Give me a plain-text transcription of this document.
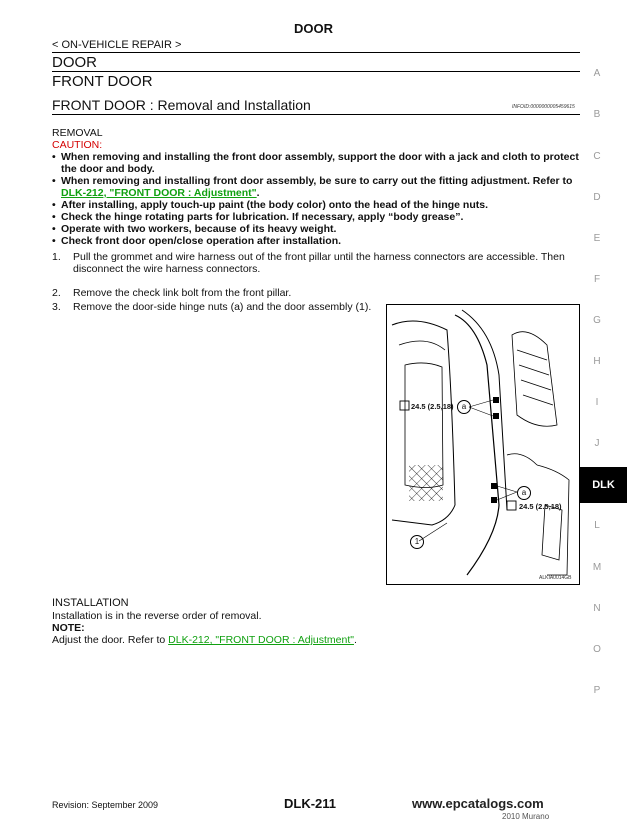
DOOR
< ON-VEHICLE REPAIR >
DOOR
FRONT DOOR
FRONT DOOR : Removal and Installation	INFOID:0000000005459615
REMOVAL
CAUTION:
• When removing and installing the front door assembly, support the door with a jack and cloth to protect the door and body.
• When removing and installing front door assembly, be sure to carry out the fitting adjustment. Refer to DLK-212, "FRONT DOOR : Adjustment".
• After installing, apply touch-up paint (the body color) onto the head of the hinge nuts.
• Check the hinge rotating parts for lubrication. If necessary, apply “body grease”.
• Operate with two workers, because of its heavy weight.
• Check front door open/close operation after installation.
1. Pull the grommet and wire harness out of the front pillar until the harness connectors are accessible. Then disconnect the wire harness connectors.
2. Remove the check link bolt from the front pillar.
3. Remove the door-side hinge nuts (a) and the door assembly (1).
24.5 (2.5,18)	a
a
24.5 (2.5,18)
1
ALKIA0014GB
INSTALLATION
Installation is in the reverse order of removal.
NOTE:
Adjust the door. Refer to DLK-212, "FRONT DOOR : Adjustment".
A
B
C
D
E
F
G
H
I
J
L
M
N
O
P
DLK
Revision: September 2009	DLK-211	www.epcatalogs.com
2010 Murano
